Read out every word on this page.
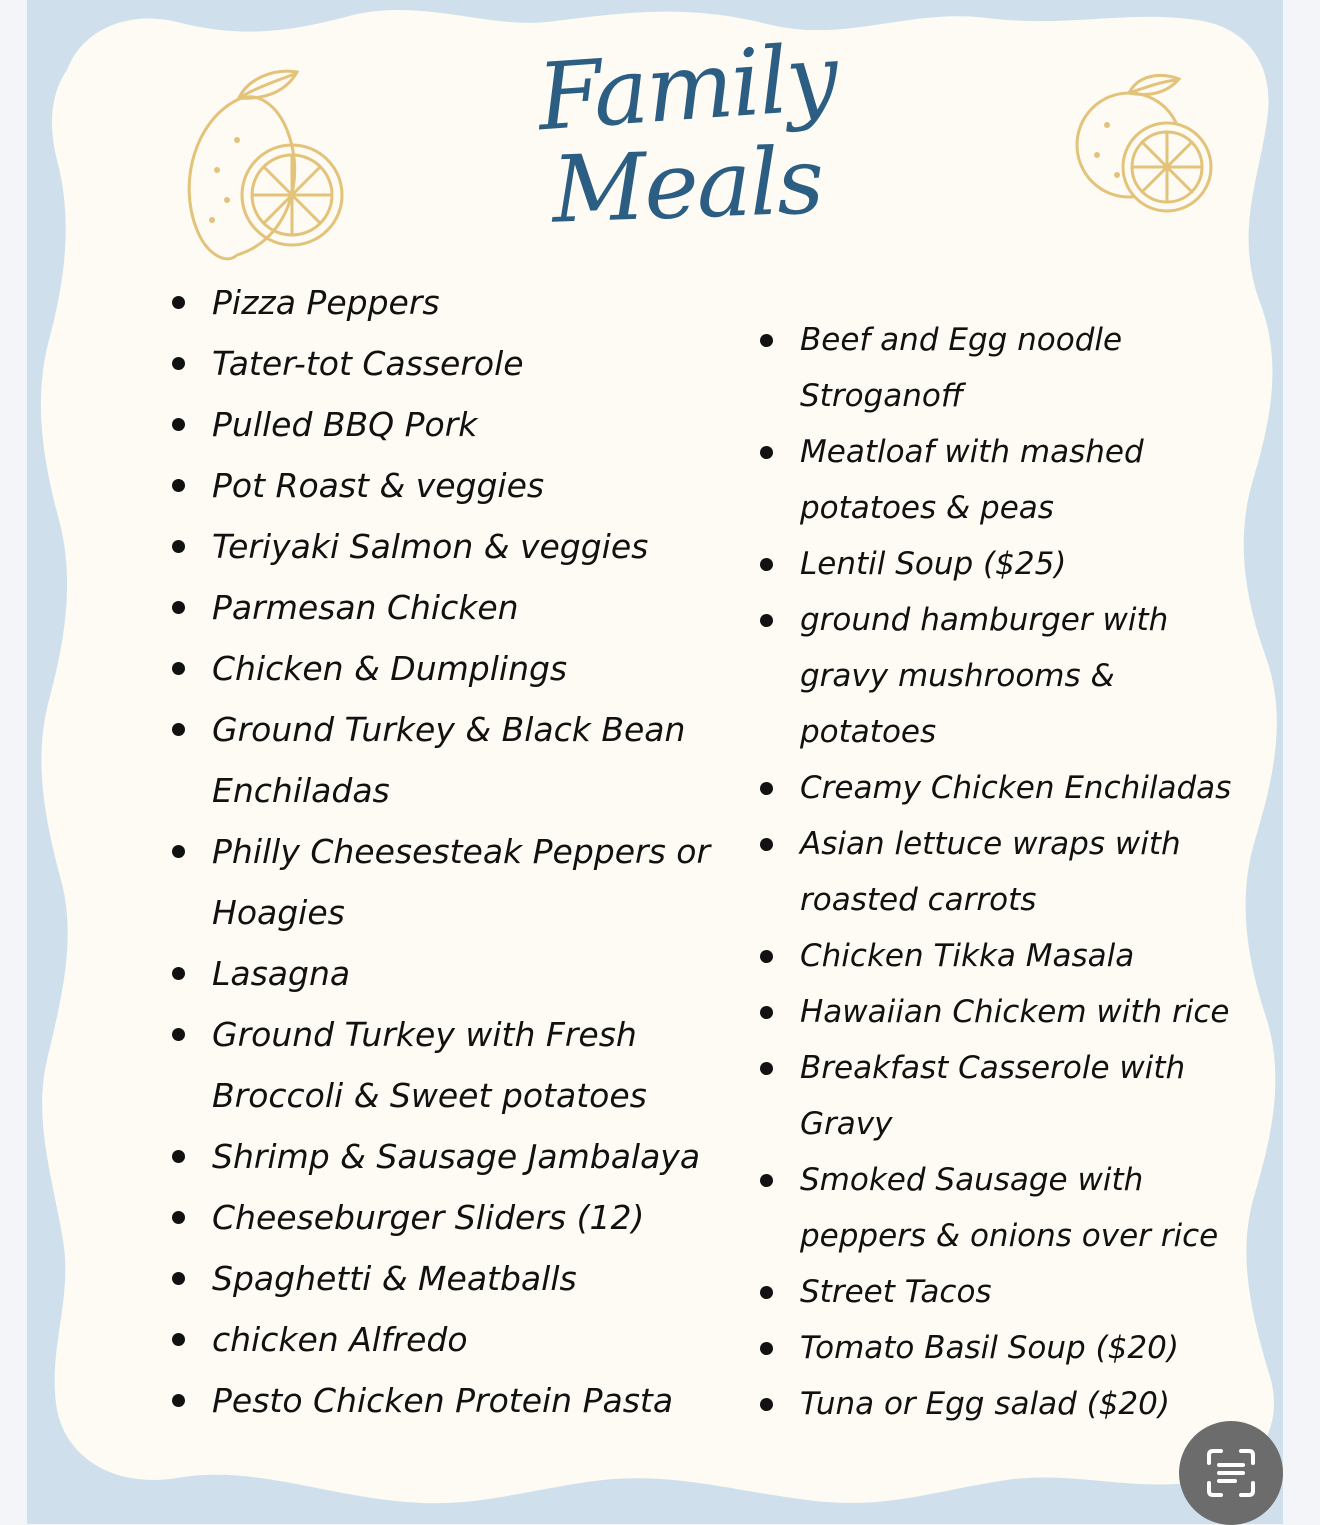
Family
Meals
Pizza Peppers
Tater-tot Casserole
Pulled BBQ Pork
Pot Roast & veggies
Teriyaki Salmon & veggies
Parmesan Chicken
Chicken & Dumplings
Ground Turkey & Black Bean Enchiladas
Philly Cheesesteak Peppers or Hoagies
Lasagna
Ground Turkey with Fresh Broccoli & Sweet potatoes
Shrimp & Sausage Jambalaya
Cheeseburger Sliders (12)
Spaghetti & Meatballs
chicken Alfredo
Pesto Chicken Protein Pasta
Beef and Egg noodle Stroganoff
Meatloaf with mashed potatoes & peas
Lentil Soup ($25)
ground hamburger with gravy mushrooms & potatoes
Creamy Chicken Enchiladas
Asian lettuce wraps with roasted carrots
Chicken Tikka Masala
Hawaiian Chickem with rice
Breakfast Casserole with Gravy
Smoked Sausage with peppers & onions over rice
Street Tacos
Tomato Basil Soup ($20)
Tuna or Egg salad ($20)
